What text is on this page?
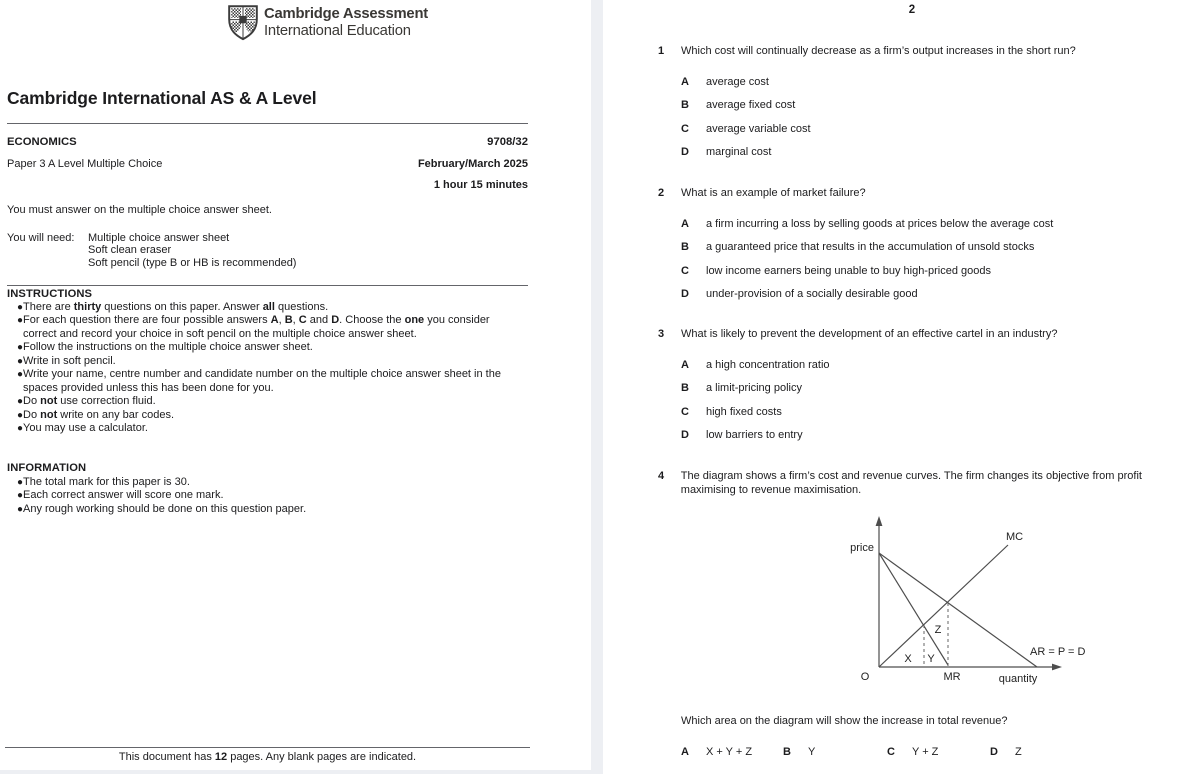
Cambridge Assessment
International Education
Cambridge International AS & A Level
ECONOMICS	9708/32
Paper 3 A Level Multiple Choice	February/March 2025
1 hour 15 minutes

You must answer on the multiple choice answer sheet.

You will need:	Multiple choice answer sheet
Soft clean eraser
Soft pencil (type B or HB is recommended)
INSTRUCTIONS
● There are thirty questions on this paper. Answer all questions.

● For each question there are four possible answers A, B, C and D. Choose the one you consider correct and record your choice in soft pencil on the multiple choice answer sheet.

● Follow the instructions on the multiple choice answer sheet.

● Write in soft pencil.

● Write your name, centre number and candidate number on the multiple choice answer sheet in the spaces provided unless this has been done for you.

● Do not use correction fluid.

● Do not write on any bar codes.

● You may use a calculator.

INFORMATION
● The total mark for this paper is 30.

● Each correct answer will score one mark.

● Any rough working should be done on this question paper.

This document has 12 pages. Any blank pages are indicated.

2
1	Which cost will continually decrease as a firm’s output increases in the short run?

A	average cost
B	average fixed cost
C	average variable cost
D	marginal cost
2	What is an example of market failure?

A	a firm incurring a loss by selling goods at prices below the average cost
B	a guaranteed price that results in the accumulation of unsold stocks
C	low income earners being unable to buy high-priced goods
D	under-provision of a socially desirable good
3	What is likely to prevent the development of an effective cartel in an industry?

A	a high concentration ratio
B	a limit-pricing policy
C	high fixed costs
D	low barriers to entry
4	The diagram shows a firm’s cost and revenue curves. The firm changes its objective from profit maximising to revenue maximisation.

price
quantity
O
MC
MR
AR = P = D
X Y
Z

Which area on the diagram will show the increase in total revenue?

A	X + Y + Z	B	Y	C	Y + Z	D	Z
